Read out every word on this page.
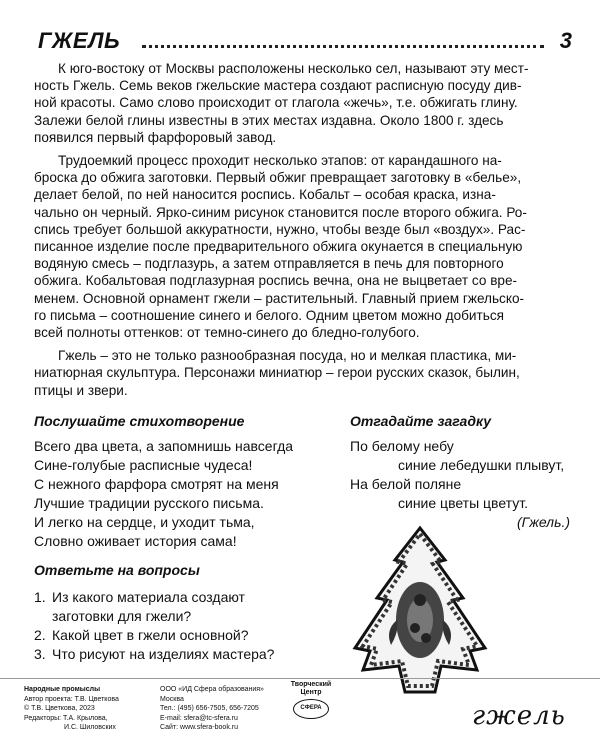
ГЖЕЛЬ	3

К юго-востоку от Москвы расположены несколько сел, называют эту мест-
ность Гжель. Семь веков гжельские мастера создают расписную посуду див-
ной красоты. Само слово происходит от глагола «жечь», т.е. обжигать глину.
Залежи белой глины известны в этих местах издавна. Около 1800 г. здесь
появился первый фарфоровый завод.

Трудоемкий процесс проходит несколько этапов: от карандашного на-
броска до обжига заготовки. Первый обжиг превращает заготовку в «белье»,
делает белой, по ней наносится роспись. Кобальт – особая краска, изна-
чально он черный. Ярко-синим рисунок становится после второго обжига. Ро-
спись требует большой аккуратности, нужно, чтобы везде был «воздух». Рас-
писанное изделие после предварительного обжига окунается в специальную
водяную смесь – подглазурь, а затем отправляется в печь для повторного
обжига. Кобальтовая подглазурная роспись вечна, она не выцветает со вре-
менем. Основной орнамент гжели – растительный. Главный прием гжельско-
го письма – соотношение синего и белого. Одним цветом можно добиться
всей полноты оттенков: от темно-синего до бледно-голубого.

Гжель – это не только разнообразная посуда, но и мелкая пластика, ми-
ниатюрная скульптура. Персонажи миниатюр – герои русских сказок, былин,
птицы и звери.

Послушайте стихотворение
Всего два цвета, а запомнишь навсегда
Сине-голубые расписные чудеса!
С нежного фарфора смотрят на меня
Лучшие традиции русского письма.
И легко на сердце, и уходит тьма,
Словно оживает история сама!
Ответьте на вопросы
1. Из какого материала создают
заготовки для гжели?
2. Какой цвет в гжели основной?
3. Что рисуют на изделиях мастера?
Отгадайте загадку
По белому небу
синие лебедушки плывут,
На белой поляне
синие цветы цветут.
(Гжель.)
Народные промыслы
Автор проекта: Т.В. Цветкова
© Т.В. Цветкова, 2023
Редакторы: Т.А. Крылова,
И.С. Шиловских
ООО «ИД Сфера образования»
Москва
Тел.: (495) 656-7505, 656-7205
E-mail: sfera@tc-sfera.ru
Сайт: www.sfera-book.ru
Творческий
Центр
СФЕРА	гжель
